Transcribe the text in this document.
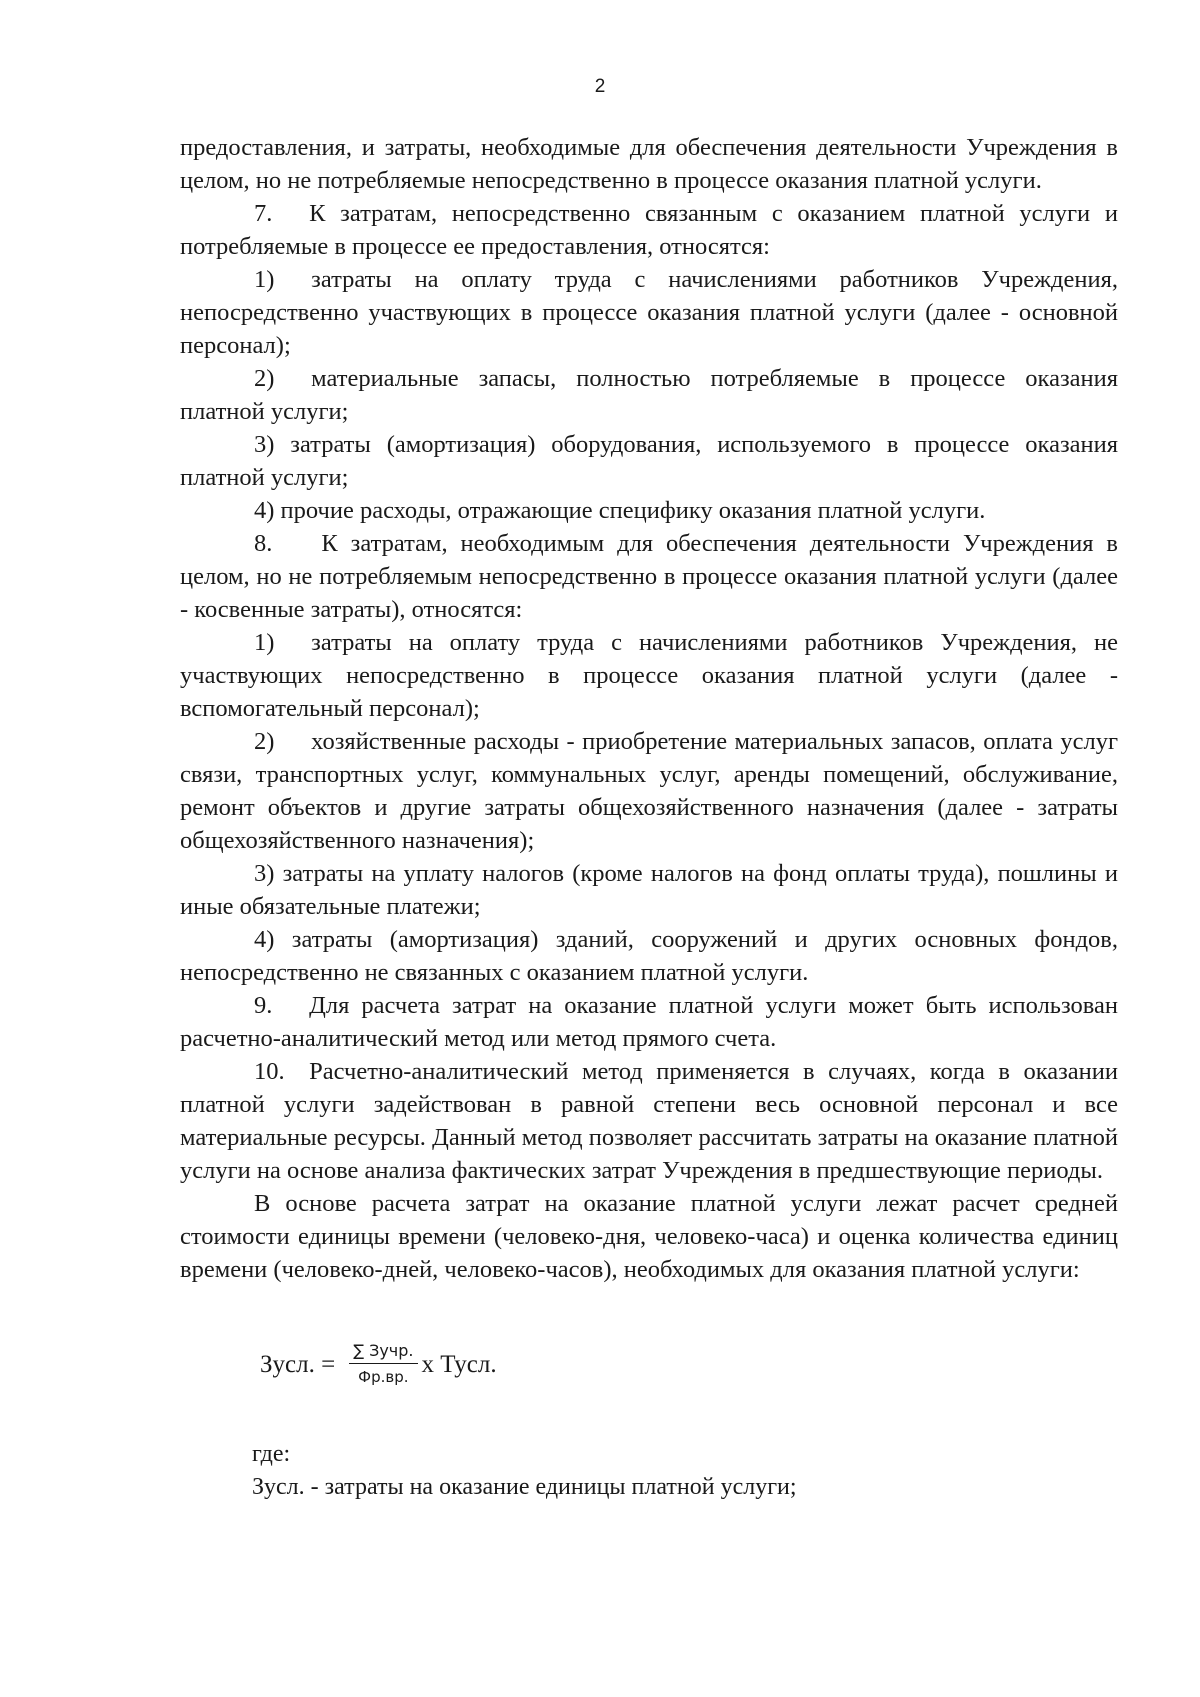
2

предоставления, и затраты, необходимые для обеспечения деятельности Учреждения в целом, но не потребляемые непосредственно в процессе оказания платной услуги.

7.  К затратам, непосредственно связанным с оказанием платной услуги и потребляемые в процессе ее предоставления, относятся:

1)  затраты на оплату труда с начислениями работников Учреждения, непосредственно участвующих в процессе оказания платной услуги (далее - основной персонал);

2)  материальные запасы, полностью потребляемые в процессе оказания платной услуги;

3) затраты (амортизация) оборудования, используемого в процессе оказания платной услуги;

4) прочие расходы, отражающие специфику оказания платной услуги.

8.  К затратам, необходимым для обеспечения деятельности Учреждения в целом, но не потребляемым непосредственно в процессе оказания платной услуги (далее - косвенные затраты), относятся:

1)  затраты на оплату труда с начислениями работников Учреждения, не участвующих непосредственно в процессе оказания платной услуги (далее - вспомогательный персонал);

2)  хозяйственные расходы - приобретение материальных запасов, оплата услуг связи, транспортных услуг, коммунальных услуг, аренды помещений, обслуживание, ремонт объектов и другие затраты общехозяйственного назначения (далее - затраты общехозяйственного назначения);

3) затраты на уплату налогов (кроме налогов на фонд оплаты труда), пошлины и иные обязательные платежи;

4) затраты (амортизация) зданий, сооружений и других основных фондов, непосредственно не связанных с оказанием платной услуги.

9.  Для расчета затрат на оказание платной услуги может быть использован расчетно-аналитический метод или метод прямого счета.

10. Расчетно-аналитический метод применяется в случаях, когда в оказании платной услуги задействован в равной степени весь основной персонал и все материальные ресурсы. Данный метод позволяет рассчитать затраты на оказание платной услуги на основе анализа фактических затрат Учреждения в предшествующие периоды.

В основе расчета затрат на оказание платной услуги лежат расчет средней стоимости единицы времени (человеко-дня, человеко-часа) и оценка количества единиц времени (человеко-дней, человеко-часов), необходимых для оказания платной услуги:

Зусл. = $\frac{\text{∑ Зучр.}}{Фр.вр.}$ х Тусл.
где:
Зусл. - затраты на оказание единицы платной услуги;
